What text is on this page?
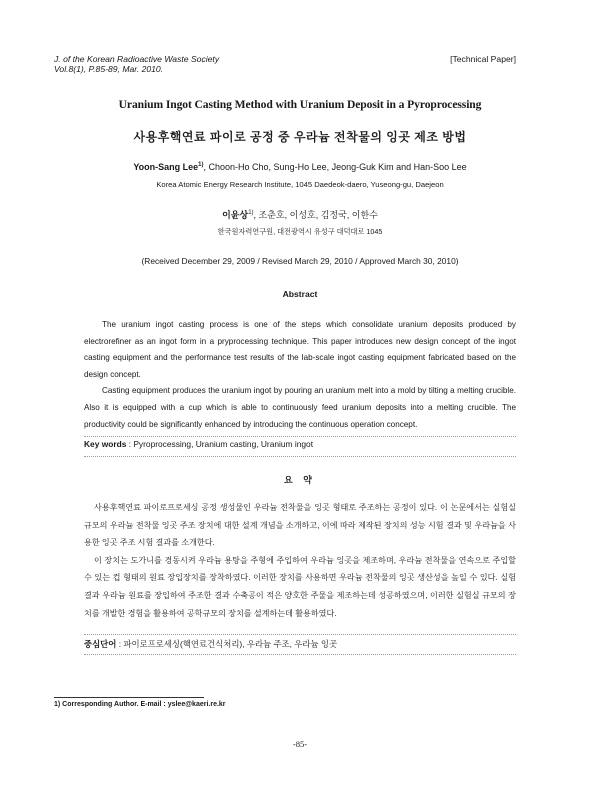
J. of the Korean Radioactive Waste Society
Vol.8(1), P.85-89, Mar. 2010.
[Technical Paper]
Uranium Ingot Casting Method with Uranium Deposit in a Pyroprocessing
사용후핵연료 파이로 공정 중 우라늄 전착물의 잉곳 제조 방법
Yoon-Sang Lee$^{1)}$, Choon-Ho Cho, Sung-Ho Lee, Jeong-Guk Kim and Han-Soo Lee
Korea Atomic Energy Research Institute, 1045 Daedeok-daero, Yuseong-gu, Daejeon
이윤상$^{1)}$, 조춘호, 이성호, 김정국, 이한수
한국원자력연구원, 대전광역시 유성구 대덕대로 1045
(Received December 29, 2009 / Revised March 29, 2010 / Approved March 30, 2010)
Abstract

The uranium ingot casting process is one of the steps which consolidate uranium deposits produced by electrorefiner as an ingot form in a pryprocessing technique. This paper introduces new design concept of the ingot casting equipment and the performance test results of the lab-scale ingot casting equipment fabricated based on the design concept.

Casting equipment produces the uranium ingot by pouring an uranium melt into a mold by tilting a melting crucible. Also it is equipped with a cup which is able to continuously feed uranium deposits into a melting crucible. The productivity could be significantly enhanced by introducing the continuous operation concept.

Key words : Pyroprocessing, Uranium casting, Uranium ingot
요 약

사용후핵연료 파이로프로세싱 공정 생성물인 우라늄 전착물을 잉곳 형태로 주조하는 공정이 있다. 이 논문에서는 실험실 규모의 우라늄 전착물 잉곳 주조 장치에 대한 설계 개념을 소개하고, 이에 따라 제작된 장치의 성능 시험 결과 및 우라늄을 사용한 잉곳 주조 시험 결과를 소개한다.

이 장치는 도가니를 경동시켜 우라늄 용탕을 주형에 주입하여 우라늄 잉곳을 제조하며, 우라늄 전착물을 연속으로 주입할 수 있는 컵 형태의 원료 장입장치를 장착하였다. 이러한 장치를 사용하면 우라늄 전착물의 잉곳 생산성을 높일 수 있다. 실험 결과 우라늄 원료를 장입하여 주조한 결과 수축공이 적은 양호한 주물을 제조하는데 성공하였으며, 이러한 실험실 규모의 장치를 개발한 경험을 활용하여 공학규모의 장치를 설계하는데 활용하였다.

중심단어 : 파이로프로세싱(핵연료건식처리), 우라늄 주조, 우라늄 잉곳
1) Corresponding Author. E-mail : yslee@kaeri.re.kr
-85-
